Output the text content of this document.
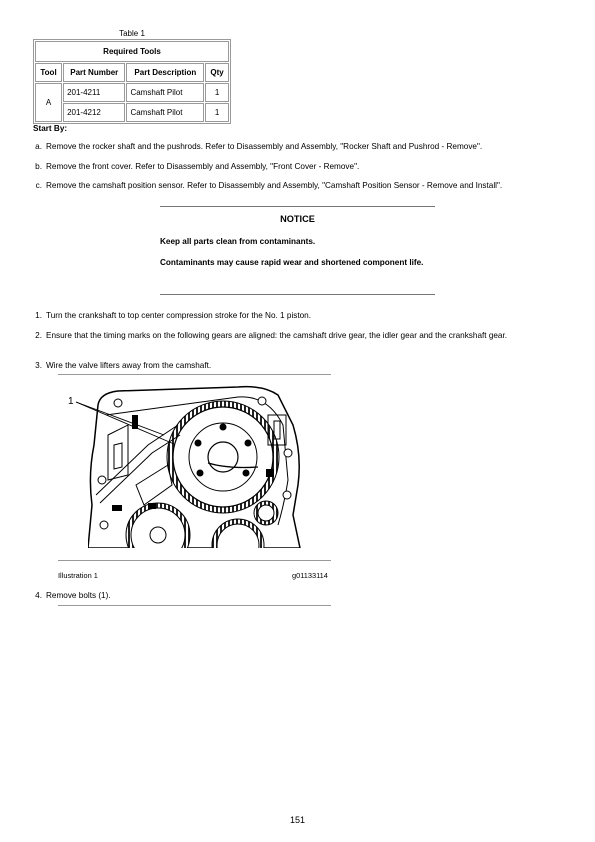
Table 1
Required Tools			
Tool	Part Number	Part Description	Qty
A	201-4211	Camshaft Pilot	1
	201-4212	Camshaft Pilot	1
Start By:
a. Remove the rocker shaft and the pushrods. Refer to Disassembly and Assembly, "Rocker Shaft and Pushrod - Remove".
b. Remove the front cover. Refer to Disassembly and Assembly, "Front Cover - Remove".
c. Remove the camshaft position sensor. Refer to Disassembly and Assembly, "Camshaft Position Sensor - Remove and Install".
NOTICE
Keep all parts clean from contaminants.
Contaminants may cause rapid wear and shortened component life.
1. Turn the crankshaft to top center compression stroke for the No. 1 piston.
2. Ensure that the timing marks on the following gears are aligned: the camshaft drive gear, the idler gear and the crankshaft gear.
3. Wire the valve lifters away from the camshaft.
1
Illustration 1	g01133114
4. Remove bolts (1).
151
